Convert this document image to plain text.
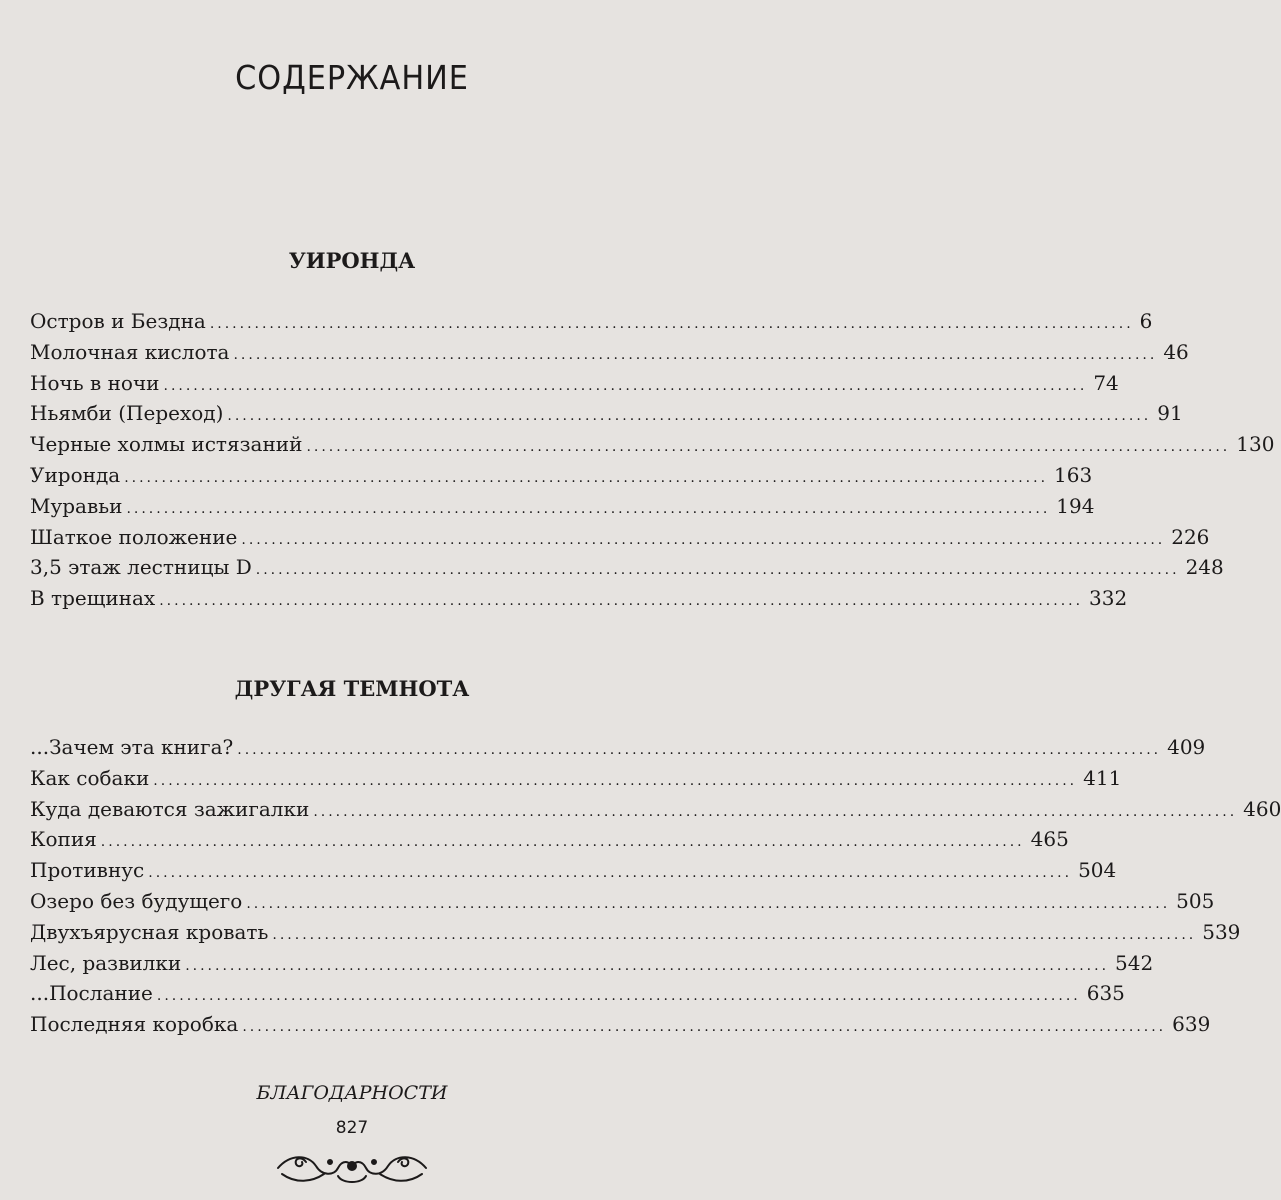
СОДЕРЖАНИЕ
УИРОНДА
Остров и Бездна ............................................................................................................................ 6
Молочная кислота ............................................................................................................................ 46
Ночь в ночи ............................................................................................................................ 74
Ньямби (Переход) ............................................................................................................................ 91
Черные холмы истязаний ............................................................................................................................ 130
Уиронда ............................................................................................................................ 163
Муравьи ............................................................................................................................ 194
Шаткое положение ............................................................................................................................ 226
3,5 этаж лестницы D ............................................................................................................................ 248
В трещинах ............................................................................................................................ 332
ДРУГАЯ ТЕМНОТА
...Зачем эта книга? ............................................................................................................................ 409
Как собаки ............................................................................................................................ 411
Куда деваются зажигалки ............................................................................................................................ 460
Копия ............................................................................................................................ 465
Противнус ............................................................................................................................ 504
Озеро без будущего ............................................................................................................................ 505
Двухъярусная кровать ............................................................................................................................ 539
Лес, развилки ............................................................................................................................ 542
...Послание ............................................................................................................................ 635
Последняя коробка ............................................................................................................................ 639
БЛАГОДАРНОСТИ
827
